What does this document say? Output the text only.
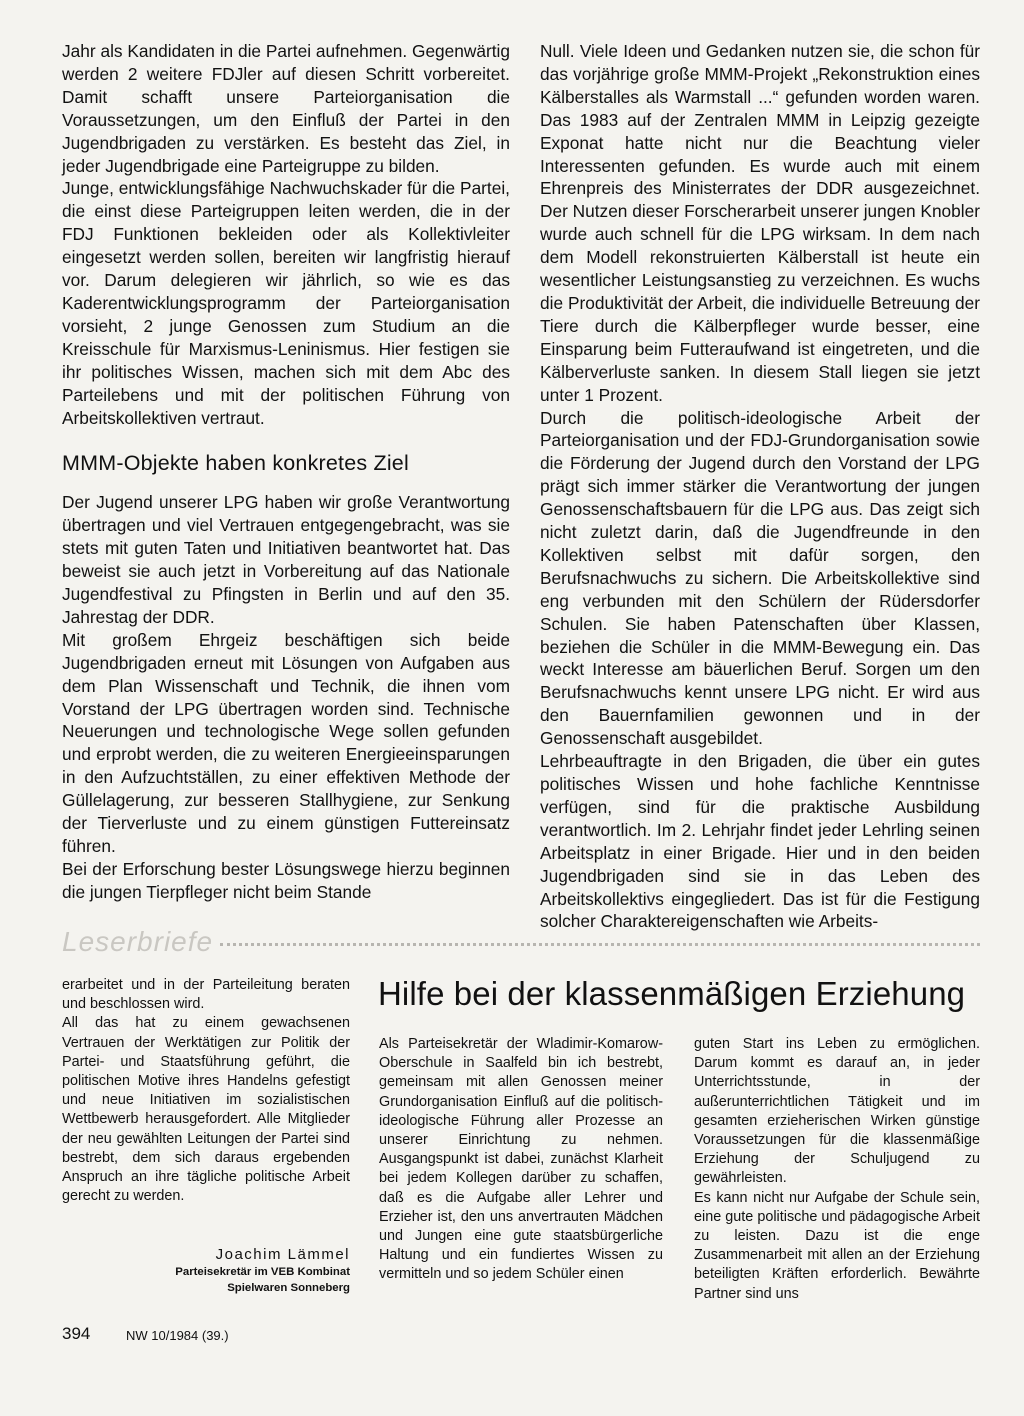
Jahr als Kandidaten in die Partei aufnehmen. Gegenwärtig werden 2 weitere FDJler auf diesen Schritt vorbereitet. Damit schafft unsere Parteiorganisation die Voraussetzungen, um den Einfluß der Partei in den Jugendbrigaden zu verstärken. Es besteht das Ziel, in jeder Jugendbrigade eine Parteigruppe zu bilden.

Junge, entwicklungsfähige Nachwuchskader für die Partei, die einst diese Parteigruppen leiten werden, die in der FDJ Funktionen bekleiden oder als Kollektivleiter eingesetzt werden sollen, bereiten wir langfristig hierauf vor. Darum delegieren wir jährlich, so wie es das Kaderentwicklungsprogramm der Parteiorganisation vorsieht, 2 junge Genossen zum Studium an die Kreisschule für Marxismus-Leninismus. Hier festigen sie ihr politisches Wissen, machen sich mit dem Abc des Parteilebens und mit der politischen Führung von Arbeitskollektiven vertraut.

MMM-Objekte haben konkretes Ziel

Der Jugend unserer LPG haben wir große Verantwortung übertragen und viel Vertrauen entgegengebracht, was sie stets mit guten Taten und Initiativen beantwortet hat. Das beweist sie auch jetzt in Vorbereitung auf das Nationale Jugendfestival zu Pfingsten in Berlin und auf den 35. Jahrestag der DDR.

Mit großem Ehrgeiz beschäftigen sich beide Jugendbrigaden erneut mit Lösungen von Aufgaben aus dem Plan Wissenschaft und Technik, die ihnen vom Vorstand der LPG übertragen worden sind. Technische Neuerungen und technologische Wege sollen gefunden und erprobt werden, die zu weiteren Energieeinsparungen in den Aufzuchtställen, zu einer effektiven Methode der Güllelagerung, zur besseren Stallhygiene, zur Senkung der Tierverluste und zu einem günstigen Futtereinsatz führen.

Bei der Erforschung bester Lösungswege hierzu beginnen die jungen Tierpfleger nicht beim Stande

Null. Viele Ideen und Gedanken nutzen sie, die schon für das vorjährige große MMM-Projekt „Rekonstruktion eines Kälberstalles als Warmstall ...“ gefunden worden waren. Das 1983 auf der Zentralen MMM in Leipzig gezeigte Exponat hatte nicht nur die Beachtung vieler Interessenten gefunden. Es wurde auch mit einem Ehrenpreis des Ministerrates der DDR ausgezeichnet. Der Nutzen dieser Forscherarbeit unserer jungen Knobler wurde auch schnell für die LPG wirksam. In dem nach dem Modell rekonstruierten Kälberstall ist heute ein wesentlicher Leistungsanstieg zu verzeichnen. Es wuchs die Produktivität der Arbeit, die individuelle Betreuung der Tiere durch die Kälberpfleger wurde besser, eine Einsparung beim Futteraufwand ist eingetreten, und die Kälberverluste sanken. In diesem Stall liegen sie jetzt unter 1 Prozent.

Durch die politisch-ideologische Arbeit der Parteiorganisation und der FDJ-Grundorganisation sowie die Förderung der Jugend durch den Vorstand der LPG prägt sich immer stärker die Verantwortung der jungen Genossenschaftsbauern für die LPG aus. Das zeigt sich nicht zuletzt darin, daß die Jugendfreunde in den Kollektiven selbst mit dafür sorgen, den Berufsnachwuchs zu sichern. Die Arbeitskollektive sind eng verbunden mit den Schülern der Rüdersdorfer Schulen. Sie haben Patenschaften über Klassen, beziehen die Schüler in die MMM-Bewegung ein. Das weckt Interesse am bäuerlichen Beruf. Sorgen um den Berufsnachwuchs kennt unsere LPG nicht. Er wird aus den Bauernfamilien gewonnen und in der Genossenschaft ausgebildet.

Lehrbeauftragte in den Brigaden, die über ein gutes politisches Wissen und hohe fachliche Kenntnisse verfügen, sind für die praktische Ausbildung verantwortlich. Im 2. Lehrjahr findet jeder Lehrling seinen Arbeitsplatz in einer Brigade. Hier und in den beiden Jugendbrigaden sind sie in das Leben des Arbeitskollektivs eingegliedert. Das ist für die Festigung solcher Charaktereigenschaften wie Arbeits-

Leserbriefe

erarbeitet und in der Parteileitung beraten und beschlossen wird.

All das hat zu einem gewachsenen Vertrauen der Werktätigen zur Politik der Partei- und Staatsführung geführt, die politischen Motive ihres Handelns gefestigt und neue Initiativen im sozialistischen Wettbewerb herausgefordert. Alle Mitglieder der neu gewählten Leitungen der Partei sind bestrebt, dem sich daraus ergebenden Anspruch an ihre tägliche politische Arbeit gerecht zu werden.

Joachim Lämmel
Parteisekretär im VEB Kombinat
Spielwaren Sonneberg
Hilfe bei der klassenmäßigen Erziehung

Als Parteisekretär der Wladimir-Komarow-Oberschule in Saalfeld bin ich bestrebt, gemeinsam mit allen Genossen meiner Grundorganisation Einfluß auf die politisch-ideologische Führung aller Prozesse an unserer Einrichtung zu nehmen. Ausgangspunkt ist dabei, zunächst Klarheit bei jedem Kollegen darüber zu schaffen, daß es die Aufgabe aller Lehrer und Erzieher ist, den uns anvertrauten Mädchen und Jungen eine gute staatsbürgerliche Haltung und ein fundiertes Wissen zu vermitteln und so jedem Schüler einen

guten Start ins Leben zu ermöglichen. Darum kommt es darauf an, in jeder Unterrichtsstunde, in der außerunterrichtlichen Tätigkeit und im gesamten erzieherischen Wirken günstige Voraussetzungen für die klassenmäßige Erziehung der Schuljugend zu gewährleisten.

Es kann nicht nur Aufgabe der Schule sein, eine gute politische und pädagogische Arbeit zu leisten. Dazu ist die enge Zusammenarbeit mit allen an der Erziehung beteiligten Kräften erforderlich. Bewährte Partner sind uns

394	NW 10/1984 (39.)
